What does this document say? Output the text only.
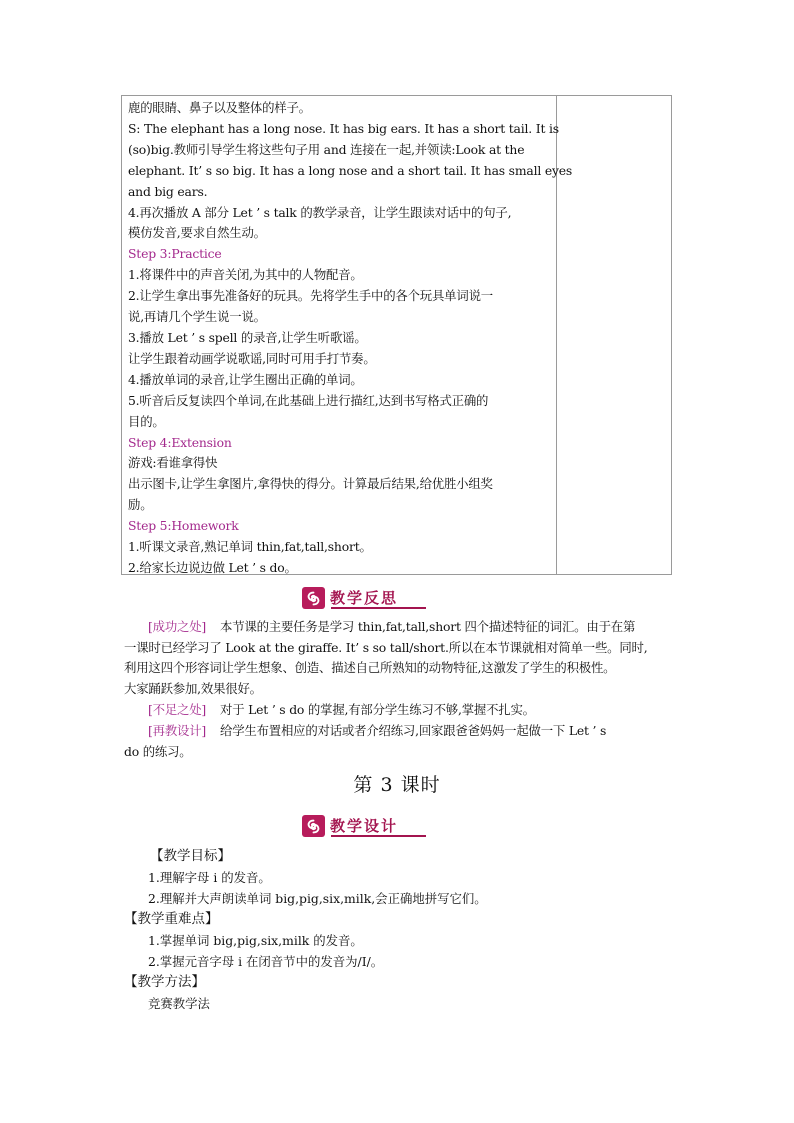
鹿的眼睛、鼻子以及整体的样子。
S: The elephant has a long nose. It has big ears. It has a short tail. It is
(so)big.教师引导学生将这些句子用 and 连接在一起,并领读:Look at the
elephant. It’ s so big. It has a long nose and a short tail. It has small eyes
and big ears.
4.再次播放 A 部分 Let ’ s talk 的教学录音，让学生跟读对话中的句子,
模仿发音,要求自然生动。
Step 3:Practice
1.将课件中的声音关闭,为其中的人物配音。
2.让学生拿出事先准备好的玩具。先将学生手中的各个玩具单词说一
说,再请几个学生说一说。
3.播放 Let ’ s spell 的录音,让学生听歌谣。
让学生跟着动画学说歌谣,同时可用手打节奏。
4.播放单词的录音,让学生圈出正确的单词。
5.听音后反复读四个单词,在此基础上进行描红,达到书写格式正确的
目的。
Step 4:Extension
游戏:看谁拿得快
出示图卡,让学生拿图片,拿得快的得分。计算最后结果,给优胜小组奖
励。
Step 5:Homework
1.听课文录音,熟记单词 thin,fat,tall,short。
2.给家长边说边做 Let ’ s do。
教学反思
[成功之处] 本节课的主要任务是学习 thin,fat,tall,short 四个描述特征的词汇。由于在第
一课时已经学习了 Look at the giraffe. It’ s so tall/short.所以在本节课就相对简单一些。同时,
利用这四个形容词让学生想象、创造、描述自己所熟知的动物特征,这激发了学生的积极性。
大家踊跃参加,效果很好。
[不足之处] 对于 Let ’ s do 的掌握,有部分学生练习不够,掌握不扎实。
[再教设计] 给学生布置相应的对话或者介绍练习,回家跟爸爸妈妈一起做一下 Let ’ s
do 的练习。
第 3 课时
教学设计
【教学目标】
1.理解字母 i 的发音。
2.理解并大声朗读单词 big,pig,six,milk,会正确地拼写它们。
【教学重难点】
1.掌握单词 big,pig,six,milk 的发音。
2.掌握元音字母 i 在闭音节中的发音为/I/。
【教学方法】
竞赛教学法
